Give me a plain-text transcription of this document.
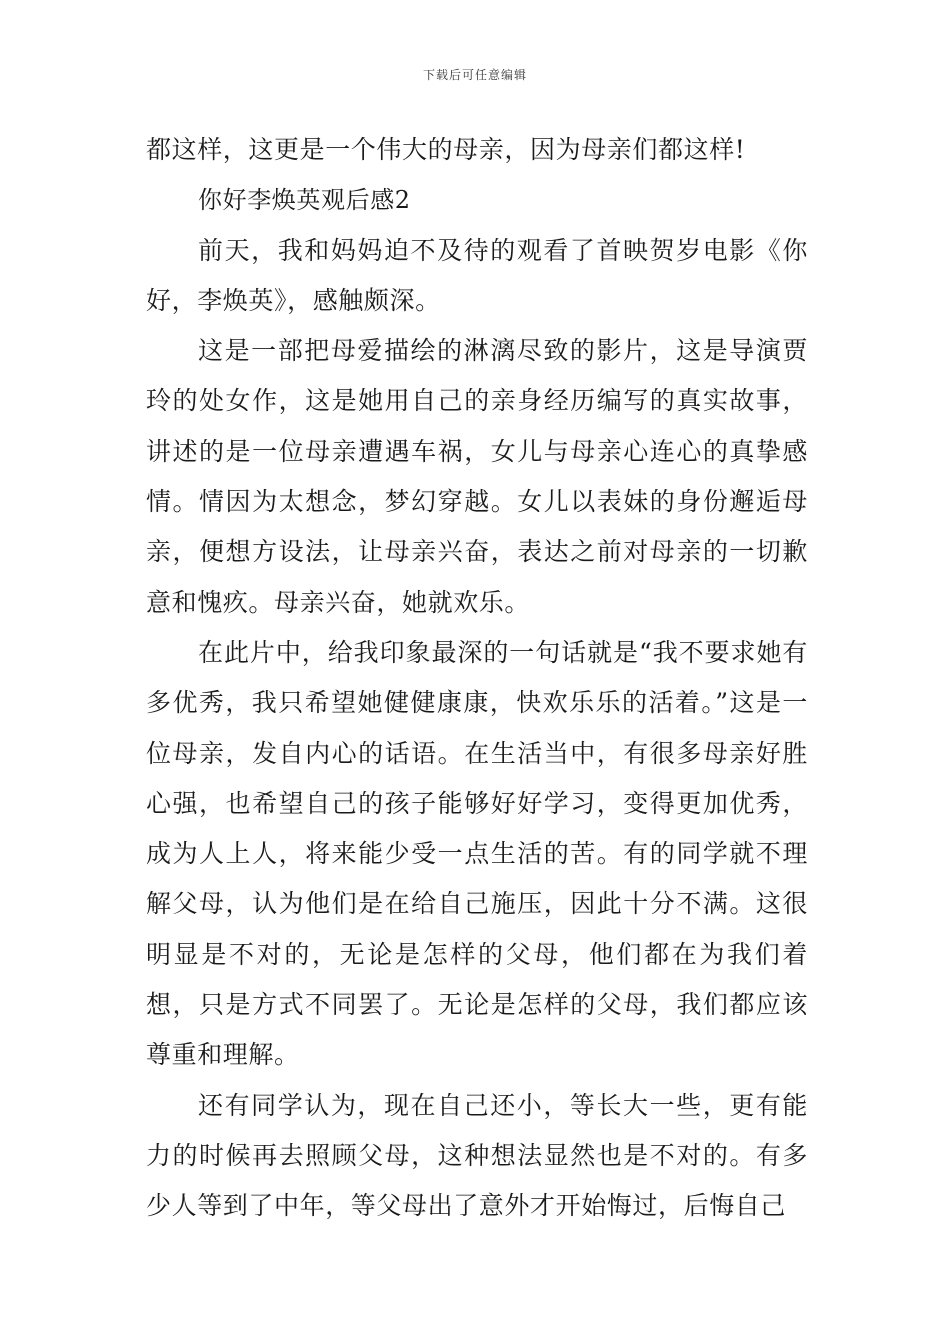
下载后可任意编辑

都这样，这更是一个伟大的母亲，因为母亲们都这样!

你好李焕英观后感2

前天，我和妈妈迫不及待的观看了首映贺岁电影《你好，李焕英》，感触颇深。

这是一部把母爱描绘的淋漓尽致的影片，这是导演贾玲的处女作，这是她用自己的亲身经历编写的真实故事，讲述的是一位母亲遭遇车祸，女儿与母亲心连心的真挚感情。情因为太想念，梦幻穿越。女儿以表妹的身份邂逅母亲，便想方设法，让母亲兴奋，表达之前对母亲的一切歉意和愧疚。母亲兴奋，她就欢乐。

在此片中，给我印象最深的一句话就是“我不要求她有多优秀，我只希望她健健康康，快欢乐乐的活着。”这是一位母亲，发自内心的话语。在生活当中，有很多母亲好胜心强，也希望自己的孩子能够好好学习，变得更加优秀，成为人上人，将来能少受一点生活的苦。有的同学就不理解父母，认为他们是在给自己施压，因此十分不满。这很明显是不对的，无论是怎样的父母，他们都在为我们着想，只是方式不同罢了。无论是怎样的父母，我们都应该尊重和理解。

还有同学认为，现在自己还小，等长大一些，更有能力的时候再去照顾父母，这种想法显然也是不对的。有多少人等到了中年，等父母出了意外才开始悔过，后悔自己
